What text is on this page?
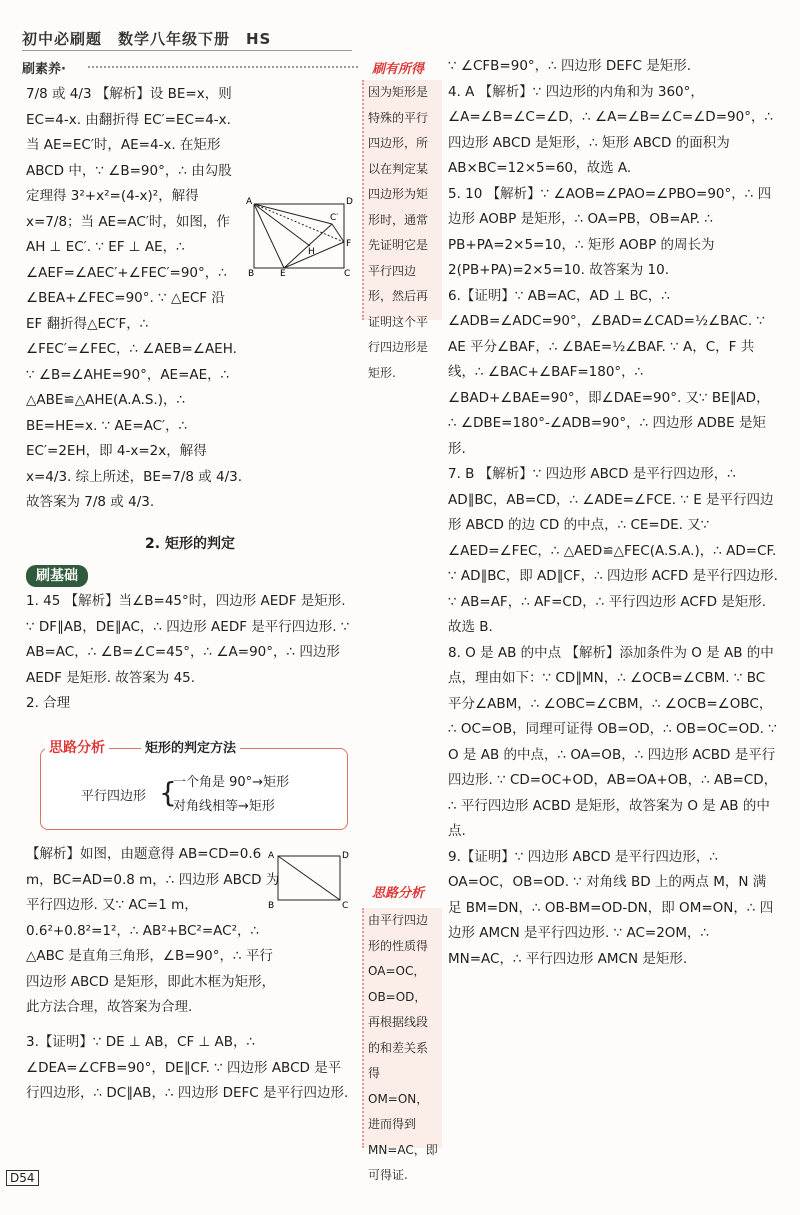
初中必刷题　数学八年级下册　HS
刷素养·

7/8 或 4/3 【解析】设 BE=x，则 EC=4-x. 由翻折得 EC′=EC=4-x. 当 AE=EC′时，AE=4-x. 在矩形 ABCD 中，∵ ∠B=90°，∴ 由勾股定理得 3²+x²=(4-x)²，解得 x=7/8；当 AE=AC′时，如图，作 AH ⊥ EC′. ∵ EF ⊥ AE，∴ ∠AEF=∠AEC′+∠FEC′=90°，∴ ∠BEA+∠FEC=90°. ∵ △ECF 沿 EF 翻折得△EC′F，∴ ∠FEC′=∠FEC，∴ ∠AEB=∠AEH. ∵ ∠B=∠AHE=90°，AE=AE，∴ △ABE≌△AHE(A.A.S.)，∴ BE=HE=x. ∵ AE=AC′，∴ EC′=2EH，即 4-x=2x，解得 x=4/3. 综上所述，BE=7/8 或 4/3. 故答案为 7/8 或 4/3.

2. 矩形的判定
刷基础

1. 45 【解析】当∠B=45°时，四边形 AEDF 是矩形. ∵ DF∥AB，DE∥AC，∴ 四边形 AEDF 是平行四边形. ∵ AB=AC，∴ ∠B=∠C=45°，∴ ∠A=90°，∴ 四边形 AEDF 是矩形. 故答案为 45.

2. 合理

A	D
C′
H
F
B	E	C
思路分析	矩形的判定方法
平行四边形 {
一个角是 90°→矩形
对角线相等→矩形

【解析】如图，由题意得 AB=CD=0.6 m，BC=AD=0.8 m，∴ 四边形 ABCD 为平行四边形. 又∵ AC=1 m，0.6²+0.8²=1²，∴ AB²+BC²=AC²，∴ △ABC 是直角三角形，∠B=90°，∴ 平行四边形 ABCD 是矩形，即此木框为矩形，此方法合理，故答案为合理.

3.【证明】∵ DE ⊥ AB，CF ⊥ AB，∴ ∠DEA=∠CFB=90°，DE∥CF. ∵ 四边形 ABCD 是平行四边形，∴ DC∥AB，∴ 四边形 DEFC 是平行四边形.

A	D
B	C
刷有所得
因为矩形是特殊的平行四边形，所以在判定某四边形为矩形时，通常先证明它是平行四边形，然后再证明这个平行四边形是矩形.
思路分析
由平行四边形的性质得 OA=OC，OB=OD，再根据线段的和差关系得 OM=ON，进而得到 MN=AC，即可得证.

∵ ∠CFB=90°，∴ 四边形 DEFC 是矩形.

4. A 【解析】∵ 四边形的内角和为 360°，∠A=∠B=∠C=∠D，∴ ∠A=∠B=∠C=∠D=90°，∴ 四边形 ABCD 是矩形，∴ 矩形 ABCD 的面积为 AB×BC=12×5=60，故选 A.

5. 10 【解析】∵ ∠AOB=∠PAO=∠PBO=90°，∴ 四边形 AOBP 是矩形，∴ OA=PB，OB=AP. ∴ PB+PA=2×5=10，∴ 矩形 AOBP 的周长为 2(PB+PA)=2×5=10. 故答案为 10.

6.【证明】∵ AB=AC，AD ⊥ BC，∴ ∠ADB=∠ADC=90°，∠BAD=∠CAD=½∠BAC. ∵ AE 平分∠BAF，∴ ∠BAE=½∠BAF. ∵ A，C，F 共线，∴ ∠BAC+∠BAF=180°，∴ ∠BAD+∠BAE=90°，即∠DAE=90°. 又∵ BE∥AD，∴ ∠DBE=180°-∠ADB=90°，∴ 四边形 ADBE 是矩形.

7. B 【解析】∵ 四边形 ABCD 是平行四边形，∴ AD∥BC，AB=CD，∴ ∠ADE=∠FCE. ∵ E 是平行四边形 ABCD 的边 CD 的中点，∴ CE=DE. 又∵ ∠AED=∠FEC，∴ △AED≌△FEC(A.S.A.)，∴ AD=CF. ∵ AD∥BC，即 AD∥CF，∴ 四边形 ACFD 是平行四边形. ∵ AB=AF，∴ AF=CD，∴ 平行四边形 ACFD 是矩形. 故选 B.

8. O 是 AB 的中点 【解析】添加条件为 O 是 AB 的中点，理由如下：∵ CD∥MN，∴ ∠OCB=∠CBM. ∵ BC 平分∠ABM，∴ ∠OBC=∠CBM，∴ ∠OCB=∠OBC，∴ OC=OB，同理可证得 OB=OD，∴ OB=OC=OD. ∵ O 是 AB 的中点，∴ OA=OB，∴ 四边形 ACBD 是平行四边形. ∵ CD=OC+OD，AB=OA+OB，∴ AB=CD，∴ 平行四边形 ACBD 是矩形，故答案为 O 是 AB 的中点.

9.【证明】∵ 四边形 ABCD 是平行四边形，∴ OA=OC，OB=OD. ∵ 对角线 BD 上的两点 M，N 满足 BM=DN，∴ OB-BM=OD-DN，即 OM=ON，∴ 四边形 AMCN 是平行四边形. ∵ AC=2OM，∴ MN=AC，∴ 平行四边形 AMCN 是矩形.

D54
